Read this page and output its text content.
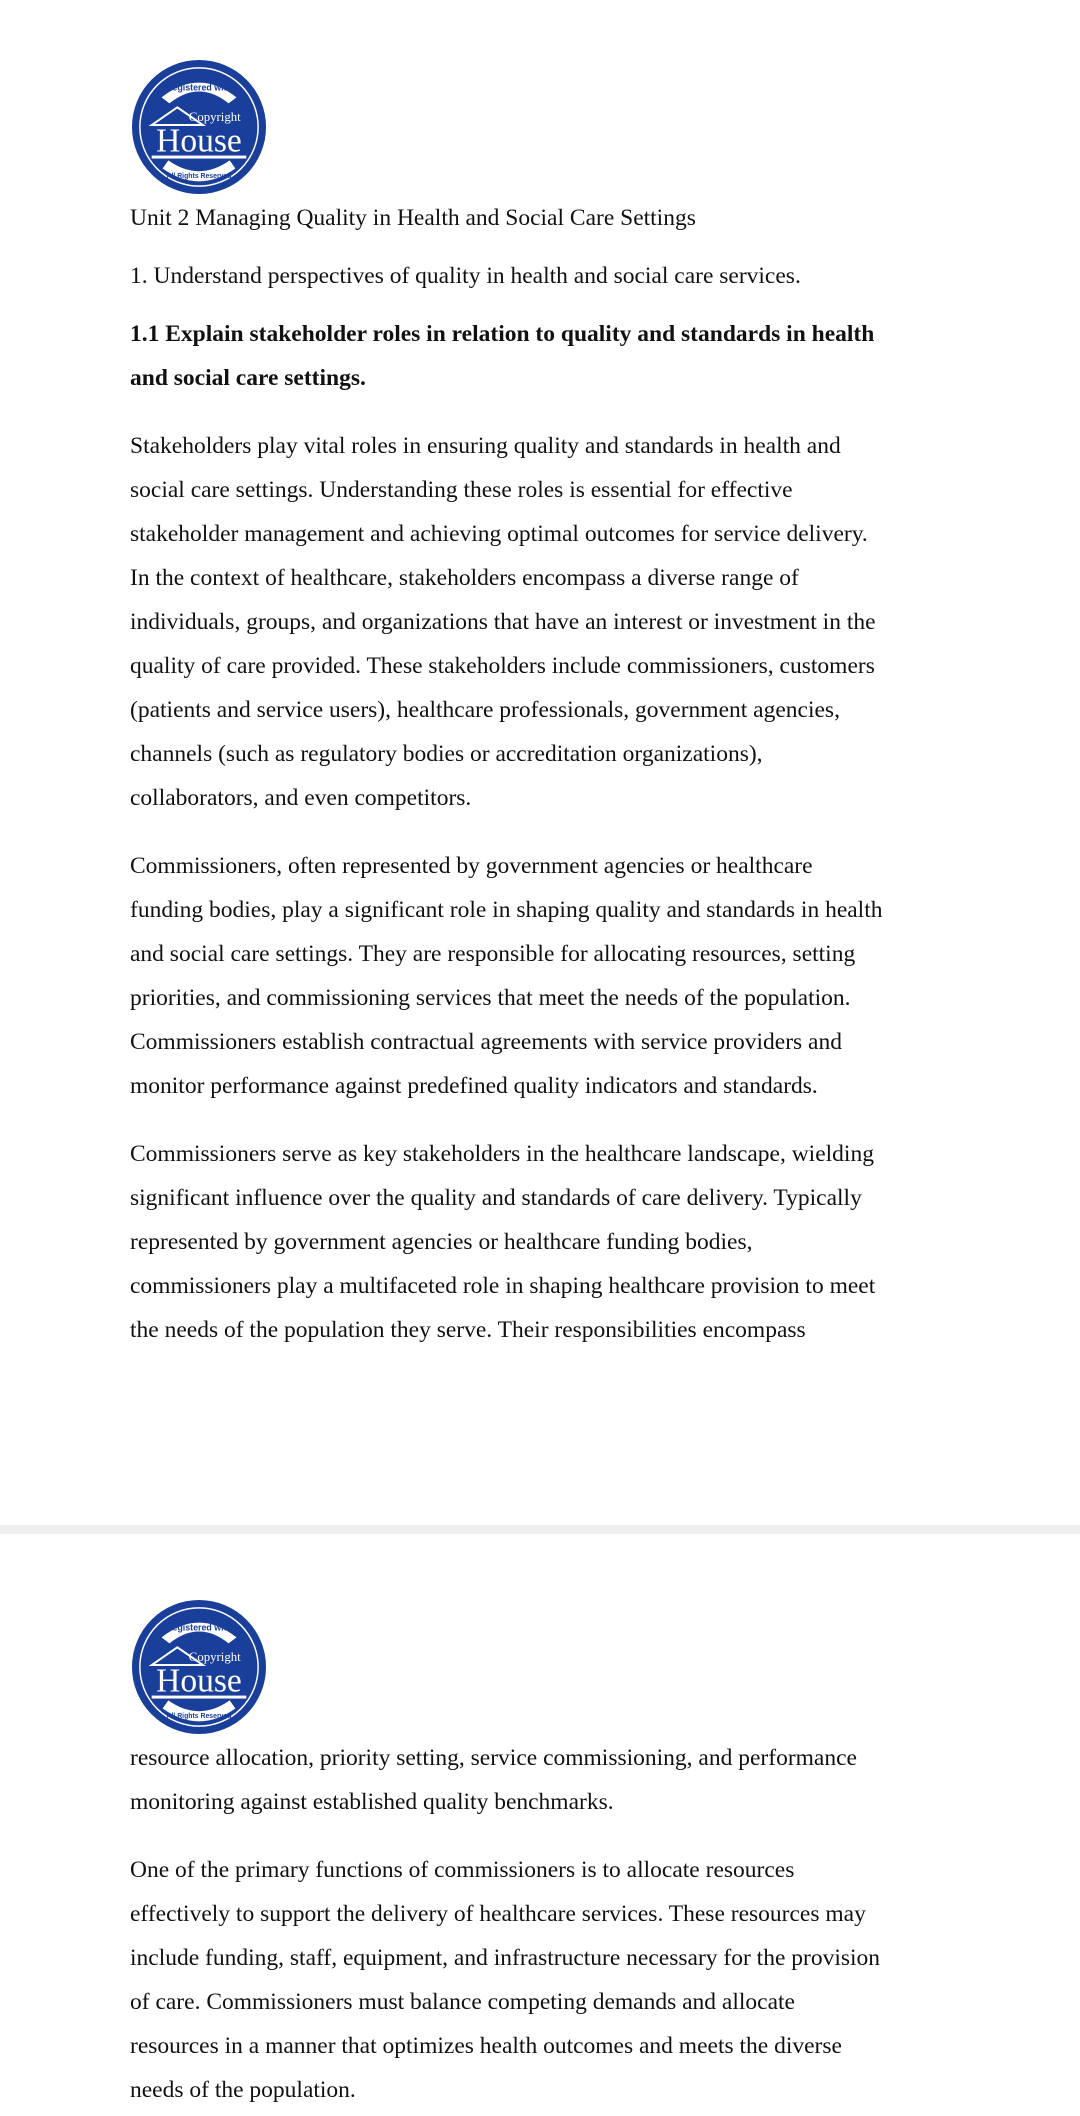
Registered with
Copyright
House
All Rights Reserved
Unit 2 Managing Quality in Health and Social Care Settings

1. Understand perspectives of quality in health and social care services.

1.1 Explain stakeholder roles in relation to quality and standards in health
and social care settings.

Stakeholders play vital roles in ensuring quality and standards in health and
social care settings. Understanding these roles is essential for effective
stakeholder management and achieving optimal outcomes for service delivery.
In the context of healthcare, stakeholders encompass a diverse range of
individuals, groups, and organizations that have an interest or investment in the
quality of care provided. These stakeholders include commissioners, customers
(patients and service users), healthcare professionals, government agencies,
channels (such as regulatory bodies or accreditation organizations),
collaborators, and even competitors.

Commissioners, often represented by government agencies or healthcare
funding bodies, play a significant role in shaping quality and standards in health
and social care settings. They are responsible for allocating resources, setting
priorities, and commissioning services that meet the needs of the population.
Commissioners establish contractual agreements with service providers and
monitor performance against predefined quality indicators and standards.

Commissioners serve as key stakeholders in the healthcare landscape, wielding
significant influence over the quality and standards of care delivery. Typically
represented by government agencies or healthcare funding bodies,
commissioners play a multifaceted role in shaping healthcare provision to meet
the needs of the population they serve. Their responsibilities encompass

Registered with
Copyright
House
All Rights Reserved

resource allocation, priority setting, service commissioning, and performance
monitoring against established quality benchmarks.

One of the primary functions of commissioners is to allocate resources
effectively to support the delivery of healthcare services. These resources may
include funding, staff, equipment, and infrastructure necessary for the provision
of care. Commissioners must balance competing demands and allocate
resources in a manner that optimizes health outcomes and meets the diverse
needs of the population.
